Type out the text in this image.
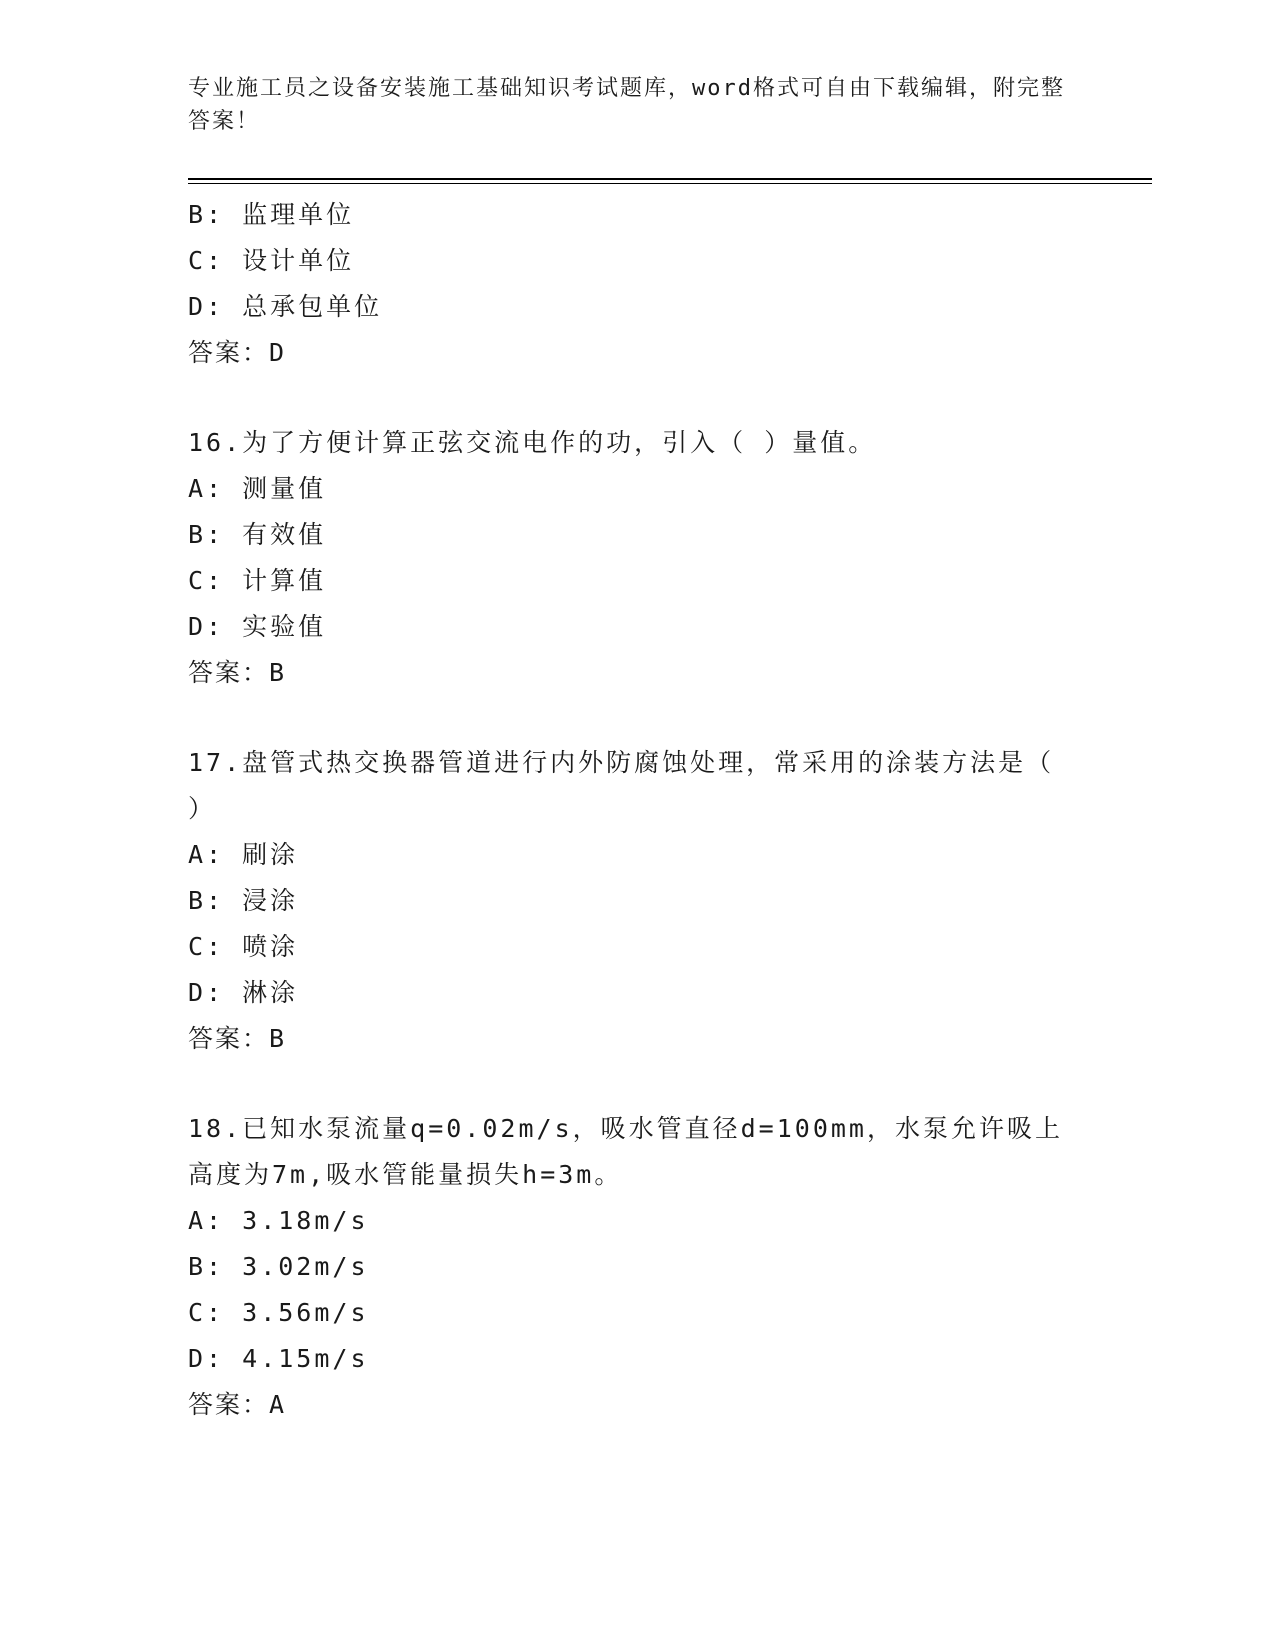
专业施工员之设备安装施工基础知识考试题库，word格式可自由下载编辑，附完整答案！
B: 监理单位
C: 设计单位
D: 总承包单位
答案：D
16.为了方便计算正弦交流电作的功，引入（ ）量值。
A: 测量值
B: 有效值
C: 计算值
D: 实验值
答案：B
17.盘管式热交换器管道进行内外防腐蚀处理，常采用的涂装方法是（ ）
A: 刷涂
B: 浸涂
C: 喷涂
D: 淋涂
答案：B
18.已知水泵流量q=0.02m/s，吸水管直径d=100mm，水泵允许吸上高度为7m,吸水管能量损失h=3m。
A: 3.18m/s
B: 3.02m/s
C: 3.56m/s
D: 4.15m/s
答案：A
